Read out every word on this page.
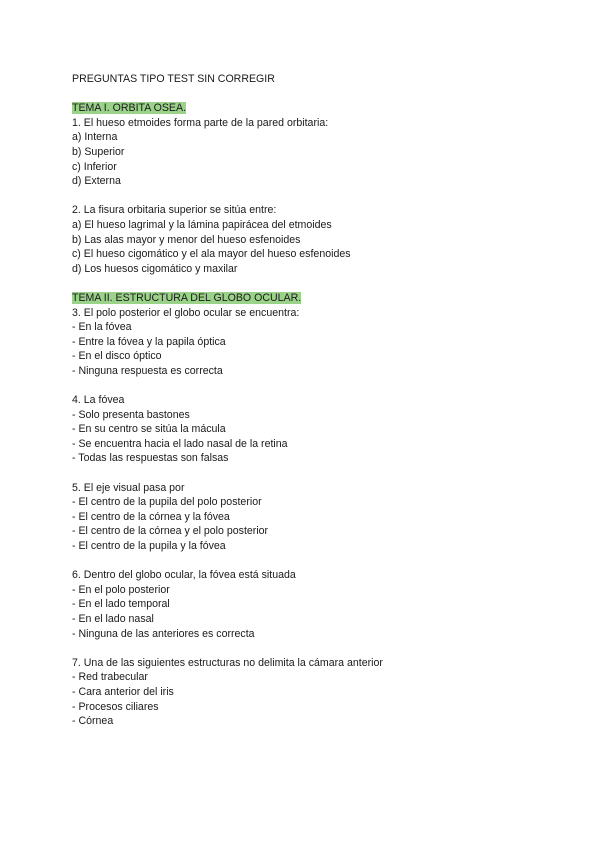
PREGUNTAS TIPO TEST SIN CORREGIR
TEMA I. ORBITA OSEA.
1. El hueso etmoides forma parte de la pared orbitaria:
a) Interna
b) Superior
c) Inferior
d) Externa
2. La fisura orbitaria superior se sitúa entre:
a) El hueso lagrimal y la lámina papirácea del etmoides
b) Las alas mayor y menor del hueso esfenoides
c) El hueso cigomático y el ala mayor del hueso esfenoides
d) Los huesos cigomático y maxilar
TEMA II. ESTRUCTURA DEL GLOBO OCULAR.
3. El polo posterior el globo ocular se encuentra:
- En la fóvea
- Entre la fóvea y la papila óptica
- En el disco óptico
- Ninguna respuesta es correcta
4. La fóvea
- Solo presenta bastones
- En su centro se sitúa la mácula
- Se encuentra hacia el lado nasal de la retina
- Todas las respuestas son falsas
5. El eje visual pasa por
- El centro de la pupila del polo posterior
- El centro de la córnea y la fóvea
- El centro de la córnea y el polo posterior
- El centro de la pupila y la fóvea
6. Dentro del globo ocular, la fóvea está situada
- En el polo posterior
- En el lado temporal
- En el lado nasal
- Ninguna de las anteriores es correcta
7. Una de las siguientes estructuras no delimita la cámara anterior
- Red trabecular
- Cara anterior del iris
- Procesos ciliares
- Córnea
